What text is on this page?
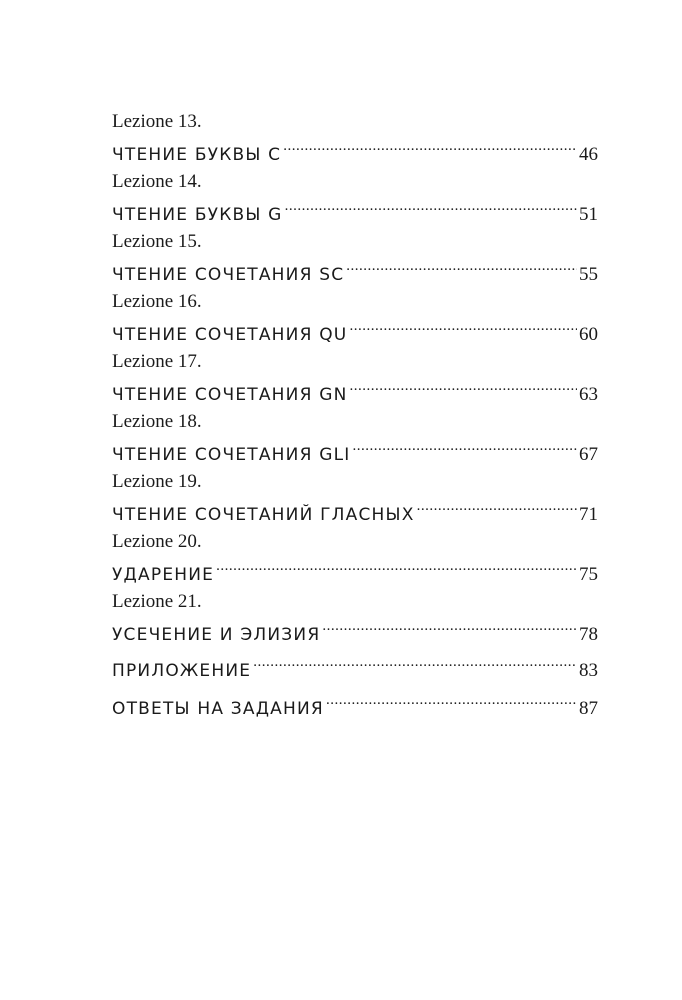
Lezione 13.
ЧТЕНИЕ БУКВЫ C .....	46
Lezione 14.
ЧТЕНИЕ БУКВЫ G .....	51
Lezione 15.
ЧТЕНИЕ СОЧЕТАНИЯ SC .....	55
Lezione 16.
ЧТЕНИЕ СОЧЕТАНИЯ QU .....	60
Lezione 17.
ЧТЕНИЕ СОЧЕТАНИЯ GN .....	63
Lezione 18.
ЧТЕНИЕ СОЧЕТАНИЯ GLI .....	67
Lezione 19.
ЧТЕНИЕ СОЧЕТАНИЙ ГЛАСНЫХ .....	71
Lezione 20.
УДАРЕНИЕ .....	75
Lezione 21.
УСЕЧЕНИЕ И ЭЛИЗИЯ .....	78
ПРИЛОЖЕНИЕ .....	83
ОТВЕТЫ НА ЗАДАНИЯ .....	87
